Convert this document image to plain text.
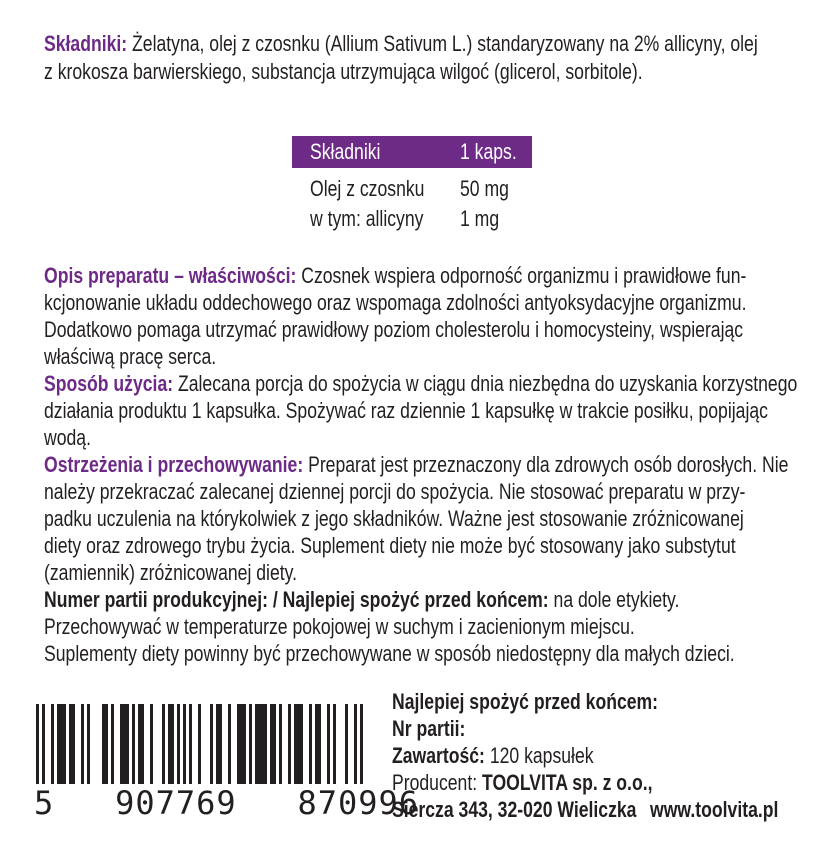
Składniki: Żelatyna, olej z czosnku (Allium Sativum L.) standaryzowany na 2% allicyny, olej
z krokosza barwierskiego, substancja utrzymująca wilgoć (glicerol, sorbitole).
Składniki	1 kaps.
Olej z czosnku 50 mg
w tym: allicyny 1 mg
Opis preparatu – właściwości: Czosnek wspiera odporność organizmu i prawidłowe fun-
kcjonowanie układu oddechowego oraz wspomaga zdolności antyoksydacyjne organizmu.
Dodatkowo pomaga utrzymać prawidłowy poziom cholesterolu i homocysteiny, wspierając
właściwą pracę serca.
Sposób użycia: Zalecana porcja do spożycia w ciągu dnia niezbędna do uzyskania korzystnego
działania produktu 1 kapsułka. Spożywać raz dziennie 1 kapsułkę w trakcie posiłku, popijając
wodą.
Ostrzeżenia i przechowywanie: Preparat jest przeznaczony dla zdrowych osób dorosłych. Nie
należy przekraczać zalecanej dziennej porcji do spożycia. Nie stosować preparatu w przy-
padku uczulenia na którykolwiek z jego składników. Ważne jest stosowanie zróżnicowanej
diety oraz zdrowego trybu życia. Suplement diety nie może być stosowany jako substytut
(zamiennik) zróżnicowanej diety.
Numer partii produkcyjnej: / Najlepiej spożyć przed końcem: na dole etykiety.
Przechowywać w temperaturze pokojowej w suchym i zacienionym miejscu.
Suplementy diety powinny być przechowywane w sposób niedostępny dla małych dzieci.
5   907769   870996
Najlepiej spożyć przed końcem:
Nr partii:
Zawartość: 120 kapsułek
Producent: TOOLVITA sp. z o.o.,
Siercza 343, 32-020 Wieliczka www.toolvita.pl
